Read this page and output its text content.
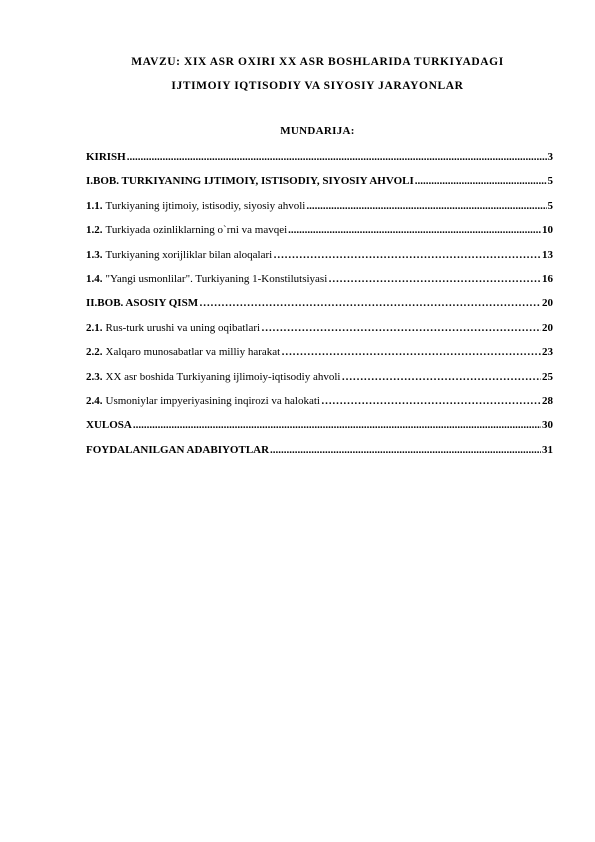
MAVZU: XIX ASR OXIRI XX ASR BOSHLARIDA TURKIYADAGI
IJTIMOIY IQTISODIY VA SIYOSIY JARAYONLAR
MUNDARIJA:
KIRISH .....	3
I.BOB. TURKIYANING IJTIMOIY, ISTISODIY, SIYOSIY AHVOLI .....	5
1.1. Turkiyaning ijtimoiy, istisodiy, siyosiy ahvoli .....	5
1.2. Turkiyada ozinliklarning o`rni va mavqei .....	10
1.3. Turkiyaning xorijliklar bilan aloqalari ……………………………………………………………………………………………………………………………………………………………………	13
1.4. "Yangi usmonlilar". Turkiyaning 1-Konstilutsiyasi ……………………………………………………………………………………………………………………………………………………………………	16
II.BOB. ASOSIY QISM ……………………………………………………………………………………………………………………………………………………………………	20
2.1. Rus-turk urushi va uning oqibatlari ……………………………………………………………………………………………………………………………………………………………………	20
2.2. Xalqaro munosabatlar va milliy harakat ……………………………………………………………………………………………………………………………………………………………………	23
2.3. XX asr boshida Turkiyaning ijlimoiy-iqtisodiy ahvoli ……………………………………………………………………………………………………………………………………………………………………	25
2.4. Usmoniylar impyeriyasining inqirozi va halokati ……………………………………………………………………………………………………………………………………………………………………	28
XULOSA .....	30
FOYDALANILGAN ADABIYOTLAR .....	31
